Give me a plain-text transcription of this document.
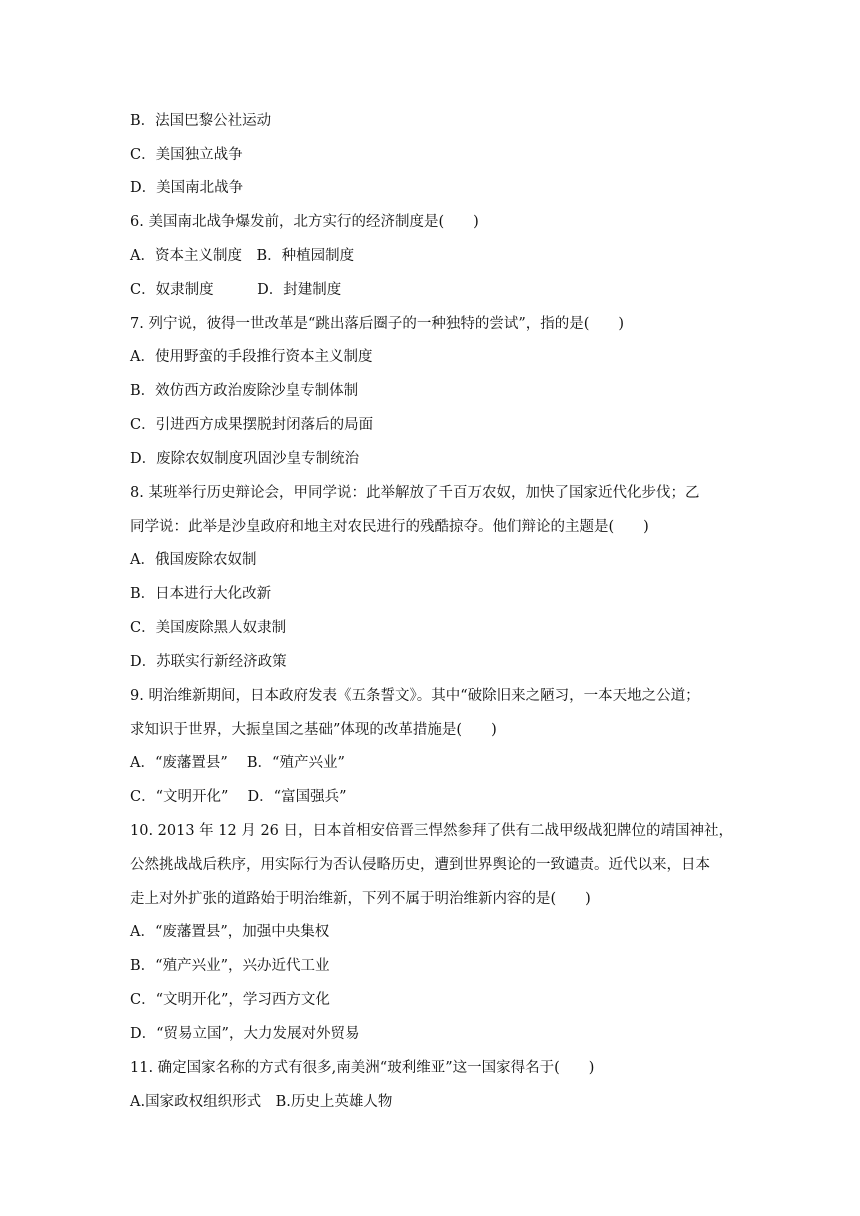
B．法国巴黎公社运动
C．美国独立战争
D．美国南北战争
6. 美国南北战争爆发前，北方实行的经济制度是(　　)
A．资本主义制度　B．种植园制度
C．奴隶制度　　　D．封建制度
7. 列宁说，彼得一世改革是“跳出落后圈子的一种独特的尝试”，指的是(　　)
A．使用野蛮的手段推行资本主义制度
B．效仿西方政治废除沙皇专制体制
C．引进西方成果摆脱封闭落后的局面
D．废除农奴制度巩固沙皇专制统治
8. 某班举行历史辩论会，甲同学说：此举解放了千百万农奴，加快了国家近代化步伐；乙
同学说：此举是沙皇政府和地主对农民进行的残酷掠夺。他们辩论的主题是(　　)
A．俄国废除农奴制
B．日本进行大化改新
C．美国废除黑人奴隶制
D．苏联实行新经济政策
9. 明治维新期间，日本政府发表《五条誓文》。其中“破除旧来之陋习，一本天地之公道；
求知识于世界，大振皇国之基础”体现的改革措施是(　　)
A．“废藩置县”　 B．“殖产兴业”
C．“文明开化”　 D．“富国强兵”
10. 2013 年 12 月 26 日，日本首相安倍晋三悍然参拜了供有二战甲级战犯牌位的靖国神社，
公然挑战战后秩序，用实际行为否认侵略历史，遭到世界舆论的一致谴责。近代以来，日本
走上对外扩张的道路始于明治维新，下列不属于明治维新内容的是(　　)
A．“废藩置县”，加强中央集权
B．“殖产兴业”，兴办近代工业
C．“文明开化”，学习西方文化
D．“贸易立国”，大力发展对外贸易
11. 确定国家名称的方式有很多,南美洲“玻利维亚”这一国家得名于(　　)
A.国家政权组织形式　B.历史上英雄人物
